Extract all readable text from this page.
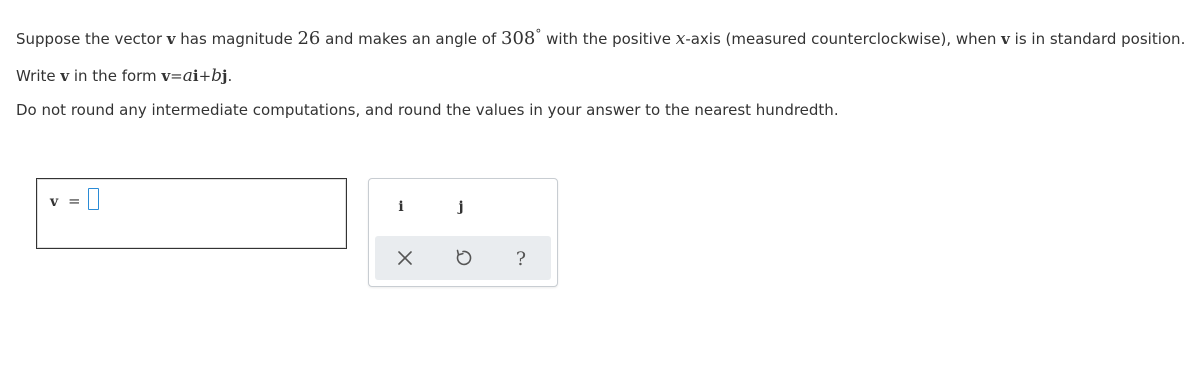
Suppose the vector v has magnitude 26 and makes an angle of 308° with the positive x-axis (measured counterclockwise), when v is in standard position.
Write v in the form v=ai+bj.
Do not round any intermediate computations, and round the values in your answer to the nearest hundredth.
v =	i	j
?
